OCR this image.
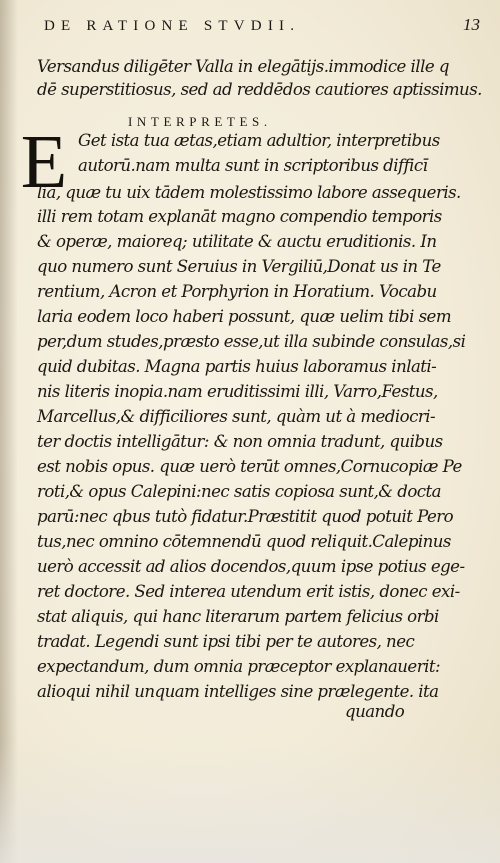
DE RATIONE STVDII.	13
Versandus diligēter Valla in elegātijs.immodice ille q
dē superstitiosus, sed ad reddēdos cautiores aptissimus.
INTERPRETES.
E Get ista tua ætas,etiam adultior, interpretibus
autorū.nam multa sunt in scriptoribus difficī
lia, quæ tu uix tādem molestissimo labore assequeris.
illi rem totam explanāt magno compendio temporis
& operæ, maioreq; utilitate & auctu eruditionis. In
quo numero sunt Seruius in Vergiliū,Donat us in Te
rentium, Acron et Porphyrion in Horatium. Vocabu
laria eodem loco haberi possunt, quæ uelim tibi sem
per,dum studes,præsto esse,ut illa subinde consulas,si
quid dubitas. Magna partis huius laboramus inlati-
nis literis inopia.nam eruditissimi illi, Varro,Festus,
Marcellus,& difficiliores sunt, quàm ut à mediocri-
ter doctis intelligātur: & non omnia tradunt, quibus
est nobis opus. quæ uerò terūt omnes,Cornucopiæ Pe
roti,& opus Calepini:nec satis copiosa sunt,& docta
parū:nec qbus tutò fidatur.Præstitit quod potuit Pero
tus,nec omnino cōtemnendū quod reliquit.Calepinus
uerò accessit ad alios docendos,quum ipse potius ege-
ret doctore. Sed interea utendum erit istis, donec exi-
stat aliquis, qui hanc literarum partem felicius orbi
tradat. Legendi sunt ipsi tibi per te autores, nec
expectandum, dum omnia præceptor explanauerit:
alioqui nihil unquam intelliges sine prælegente. ita
quando
